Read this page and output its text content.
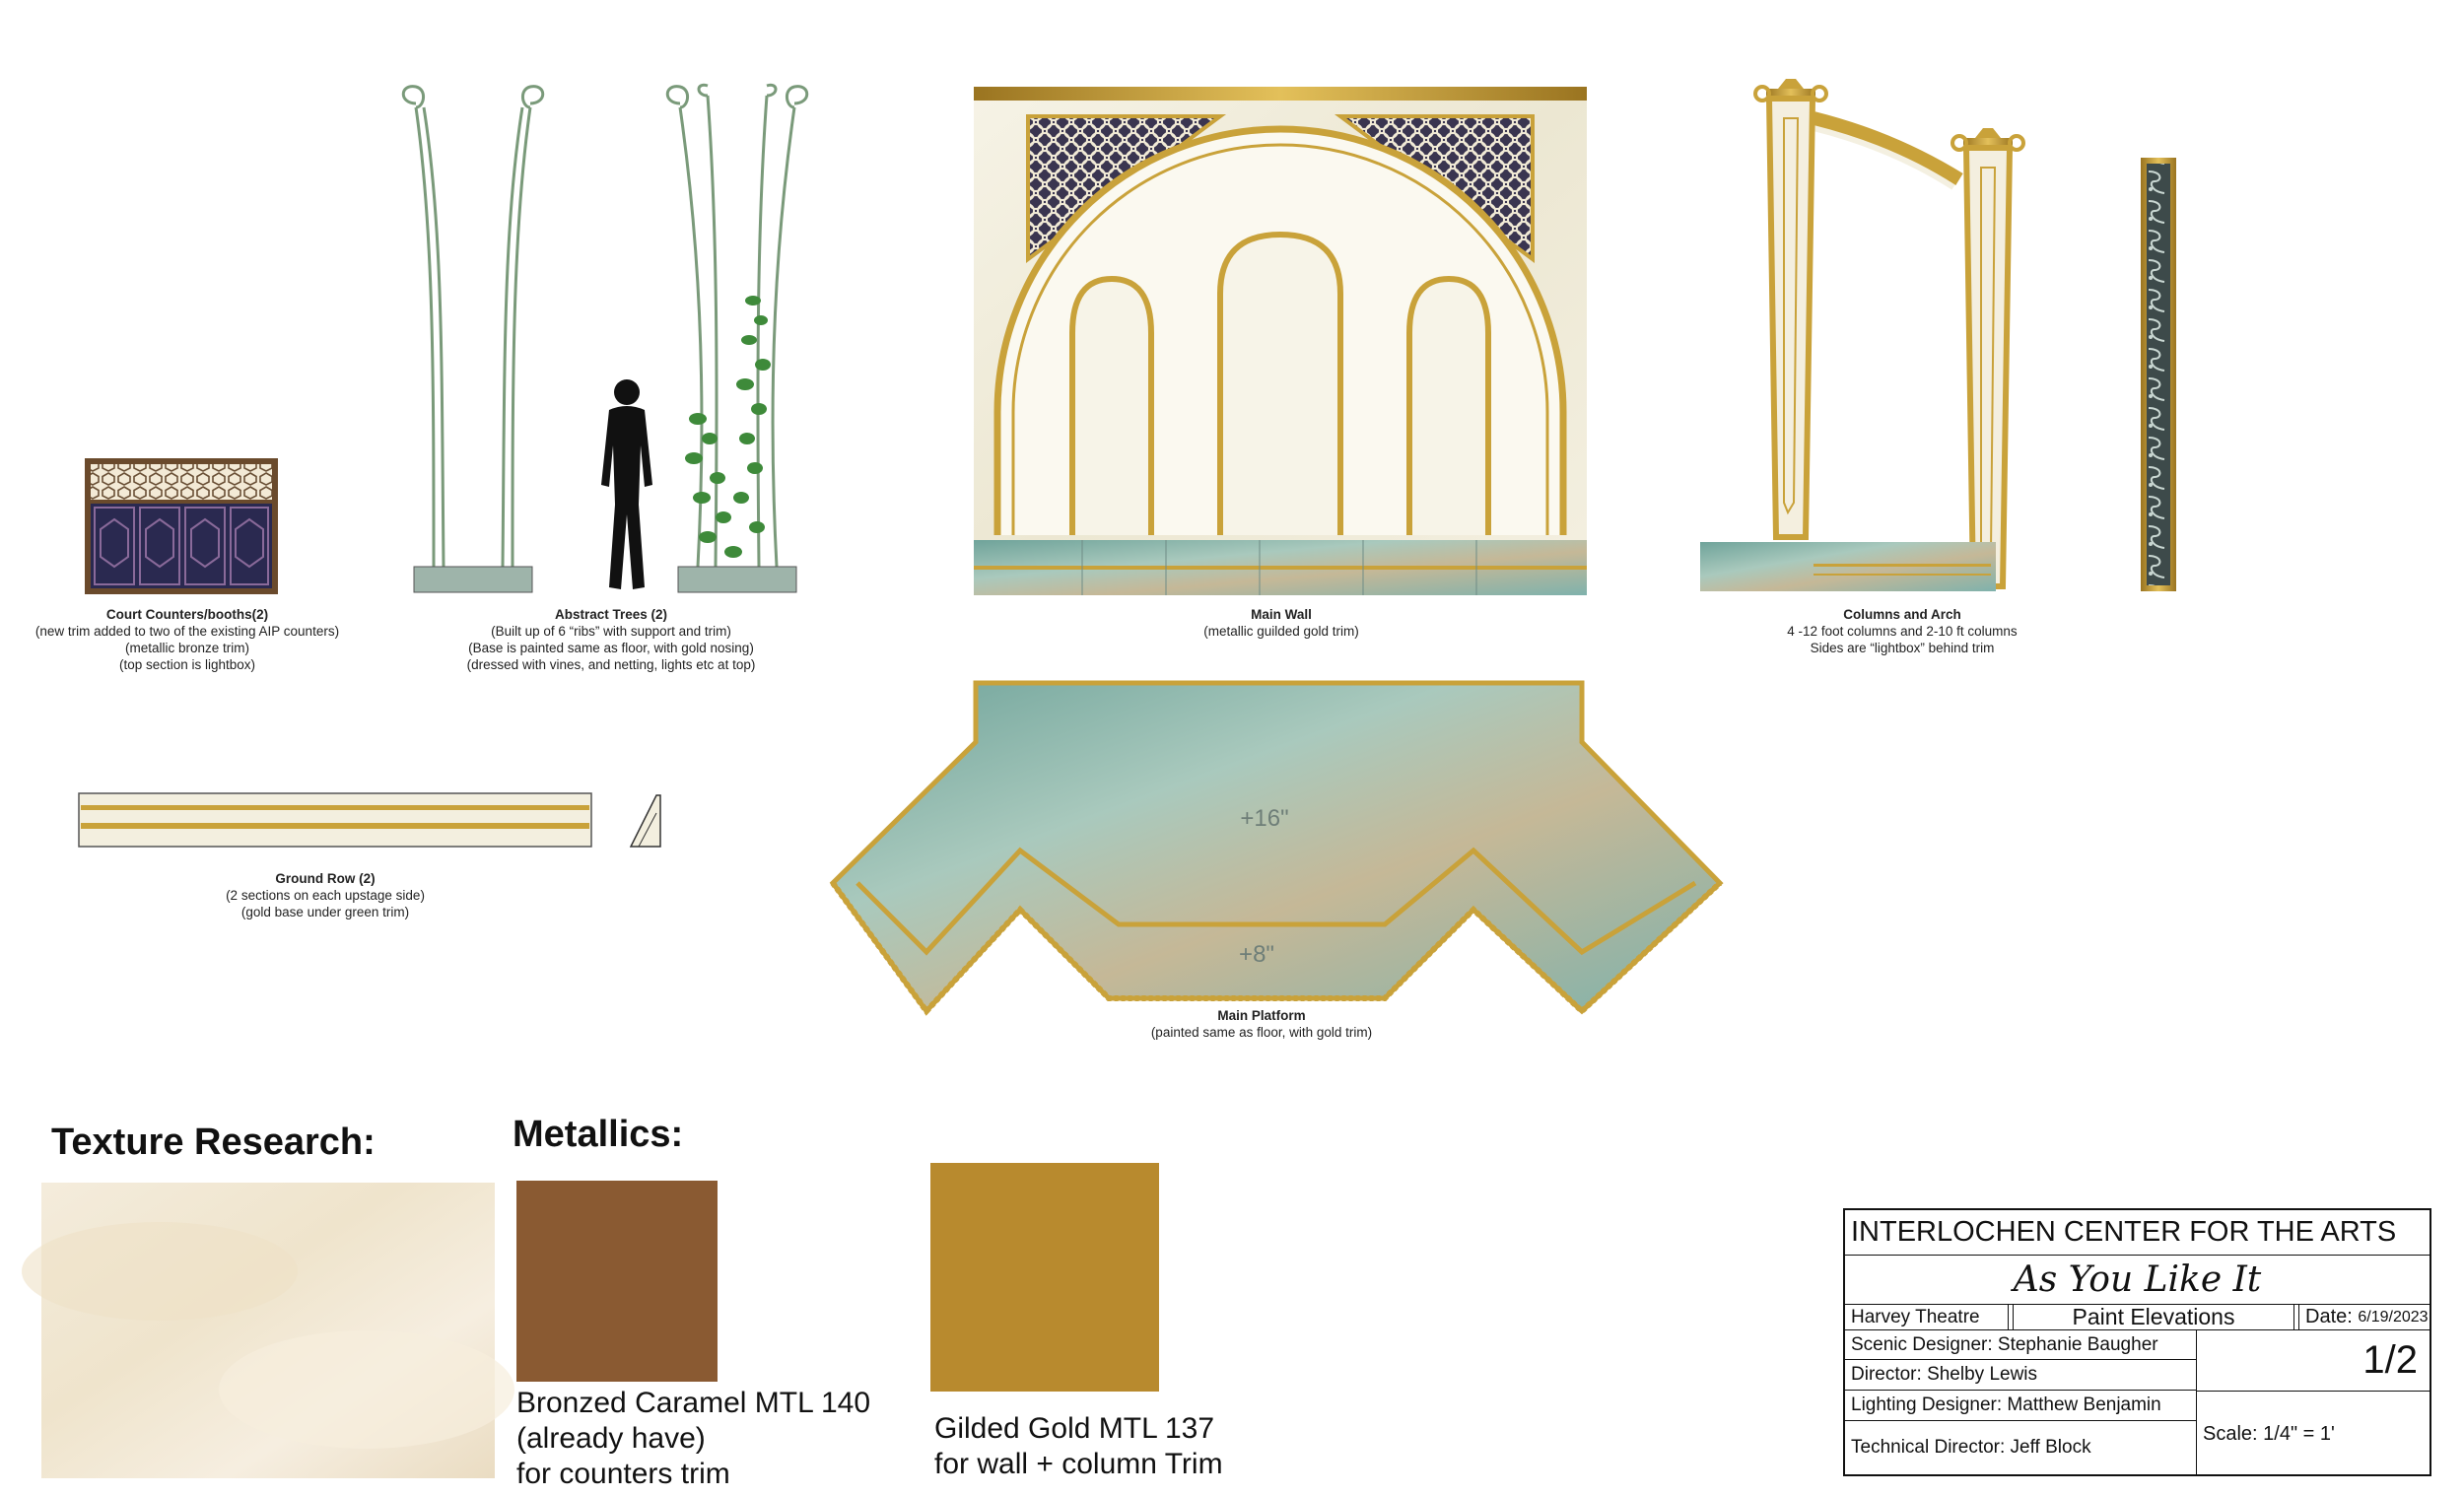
Court Counters/booths(2)
(new trim added to two of the existing AIP counters)
(metallic bronze trim)
(top section is lightbox)
Abstract Trees (2)
(Built up of 6 “ribs” with support and trim)
(Base is painted same as floor, with gold nosing)
(dressed with vines, and netting, lights etc at top)
Main Wall
(metallic guilded gold trim)
Columns and Arch
4 -12 foot columns and 2-10 ft columns
Sides are “lightbox” behind trim
Ground Row (2)
(2 sections on each upstage side)
(gold base under green trim)
+16"
+8"
Main Platform
(painted same as floor, with gold trim)
Texture Research:	Metallics:
Bronzed Caramel MTL 140
(already have)
for counters trim
Gilded Gold MTL 137
for wall + column Trim
INTERLOCHEN CENTER FOR THE ARTS
As You Like It
Harvey Theatre	Paint Elevations	Date:
6/19/2023
Scenic Designer: Stephanie Baugher
Director: Shelby Lewis
Lighting Designer: Matthew Benjamin
Technical Director: Jeff Block
1/2
Scale: 1/4" = 1'
